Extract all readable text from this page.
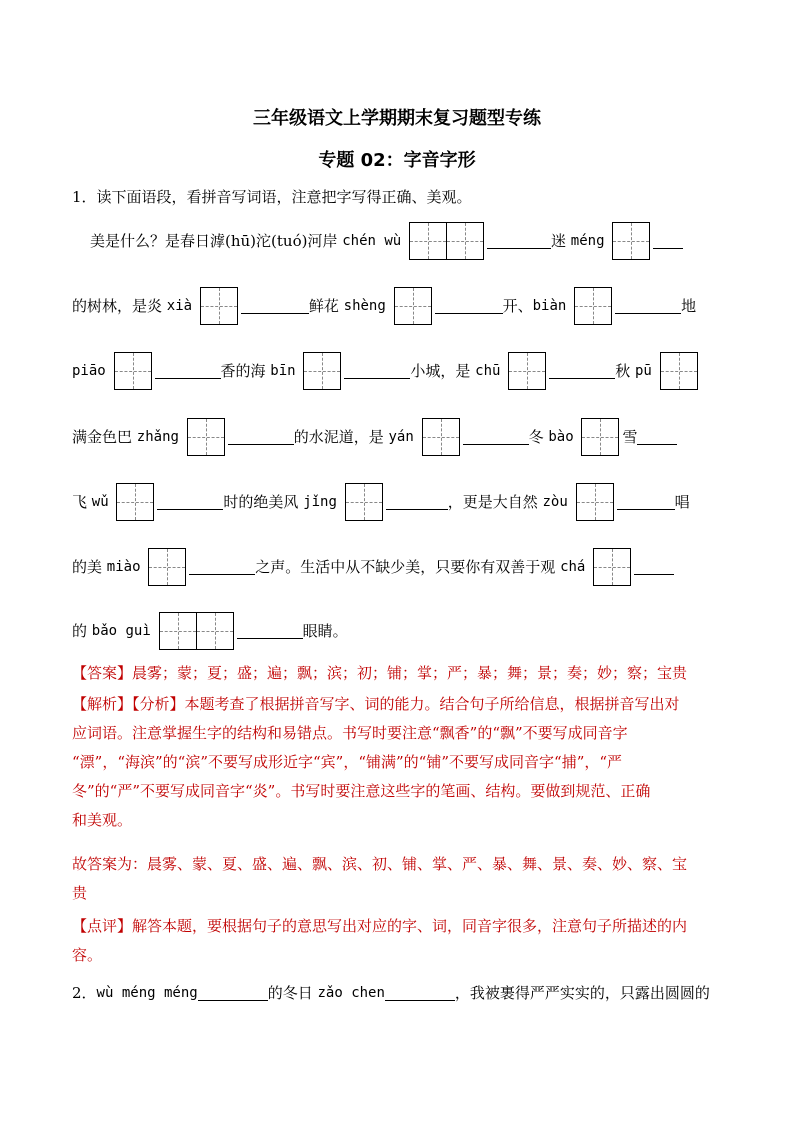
三年级语文上学期期末复习题型专练
专题 02：字音字形
1．读下面语段，看拼音写词语，注意把字写得正确、美观。
美是什么？是春日滹(hū)沱(tuó)河岸 chén wù	迷 méng
的树林，是炎 xià	鲜花 shèng	开、biàn	地
piāo	香的海 bīn	小城，是 chū	秋 pū
满金色巴 zhǎng	的水泥道，是 yán	冬 bào	雪
飞 wǔ	时的绝美风 jǐng	，更是大自然 zòu	唱
的美 miào	之声。生活中从不缺少美，只要你有双善于观 chá
的 bǎo guì	眼睛。
【答案】晨雾；蒙；夏；盛；遍；飘；滨；初；铺；掌；严；暴；舞；景；奏；妙；察；宝贵
【解析】【分析】本题考查了根据拼音写字、词的能力。结合句子所给信息，根据拼音写出对
应词语。注意掌握生字的结构和易错点。书写时要注意“飘香”的“飘”不要写成同音字
“漂”，“海滨”的“滨”不要写成形近字“宾”，“铺满”的“铺”不要写成同音字“捕”，“严
冬”的“严”不要写成同音字“炎”。书写时要注意这些字的笔画、结构。要做到规范、正确
和美观。
故答案为：晨雾、蒙、夏、盛、遍、飘、滨、初、铺、掌、严、暴、舞、景、奏、妙、察、宝
贵
【点评】解答本题，要根据句子的意思写出对应的字、词，同音字很多，注意句子所描述的内
容。
2．wù méng méng	的冬日 zǎo chen	，我被裹得严严实实的，只露出圆圆的
